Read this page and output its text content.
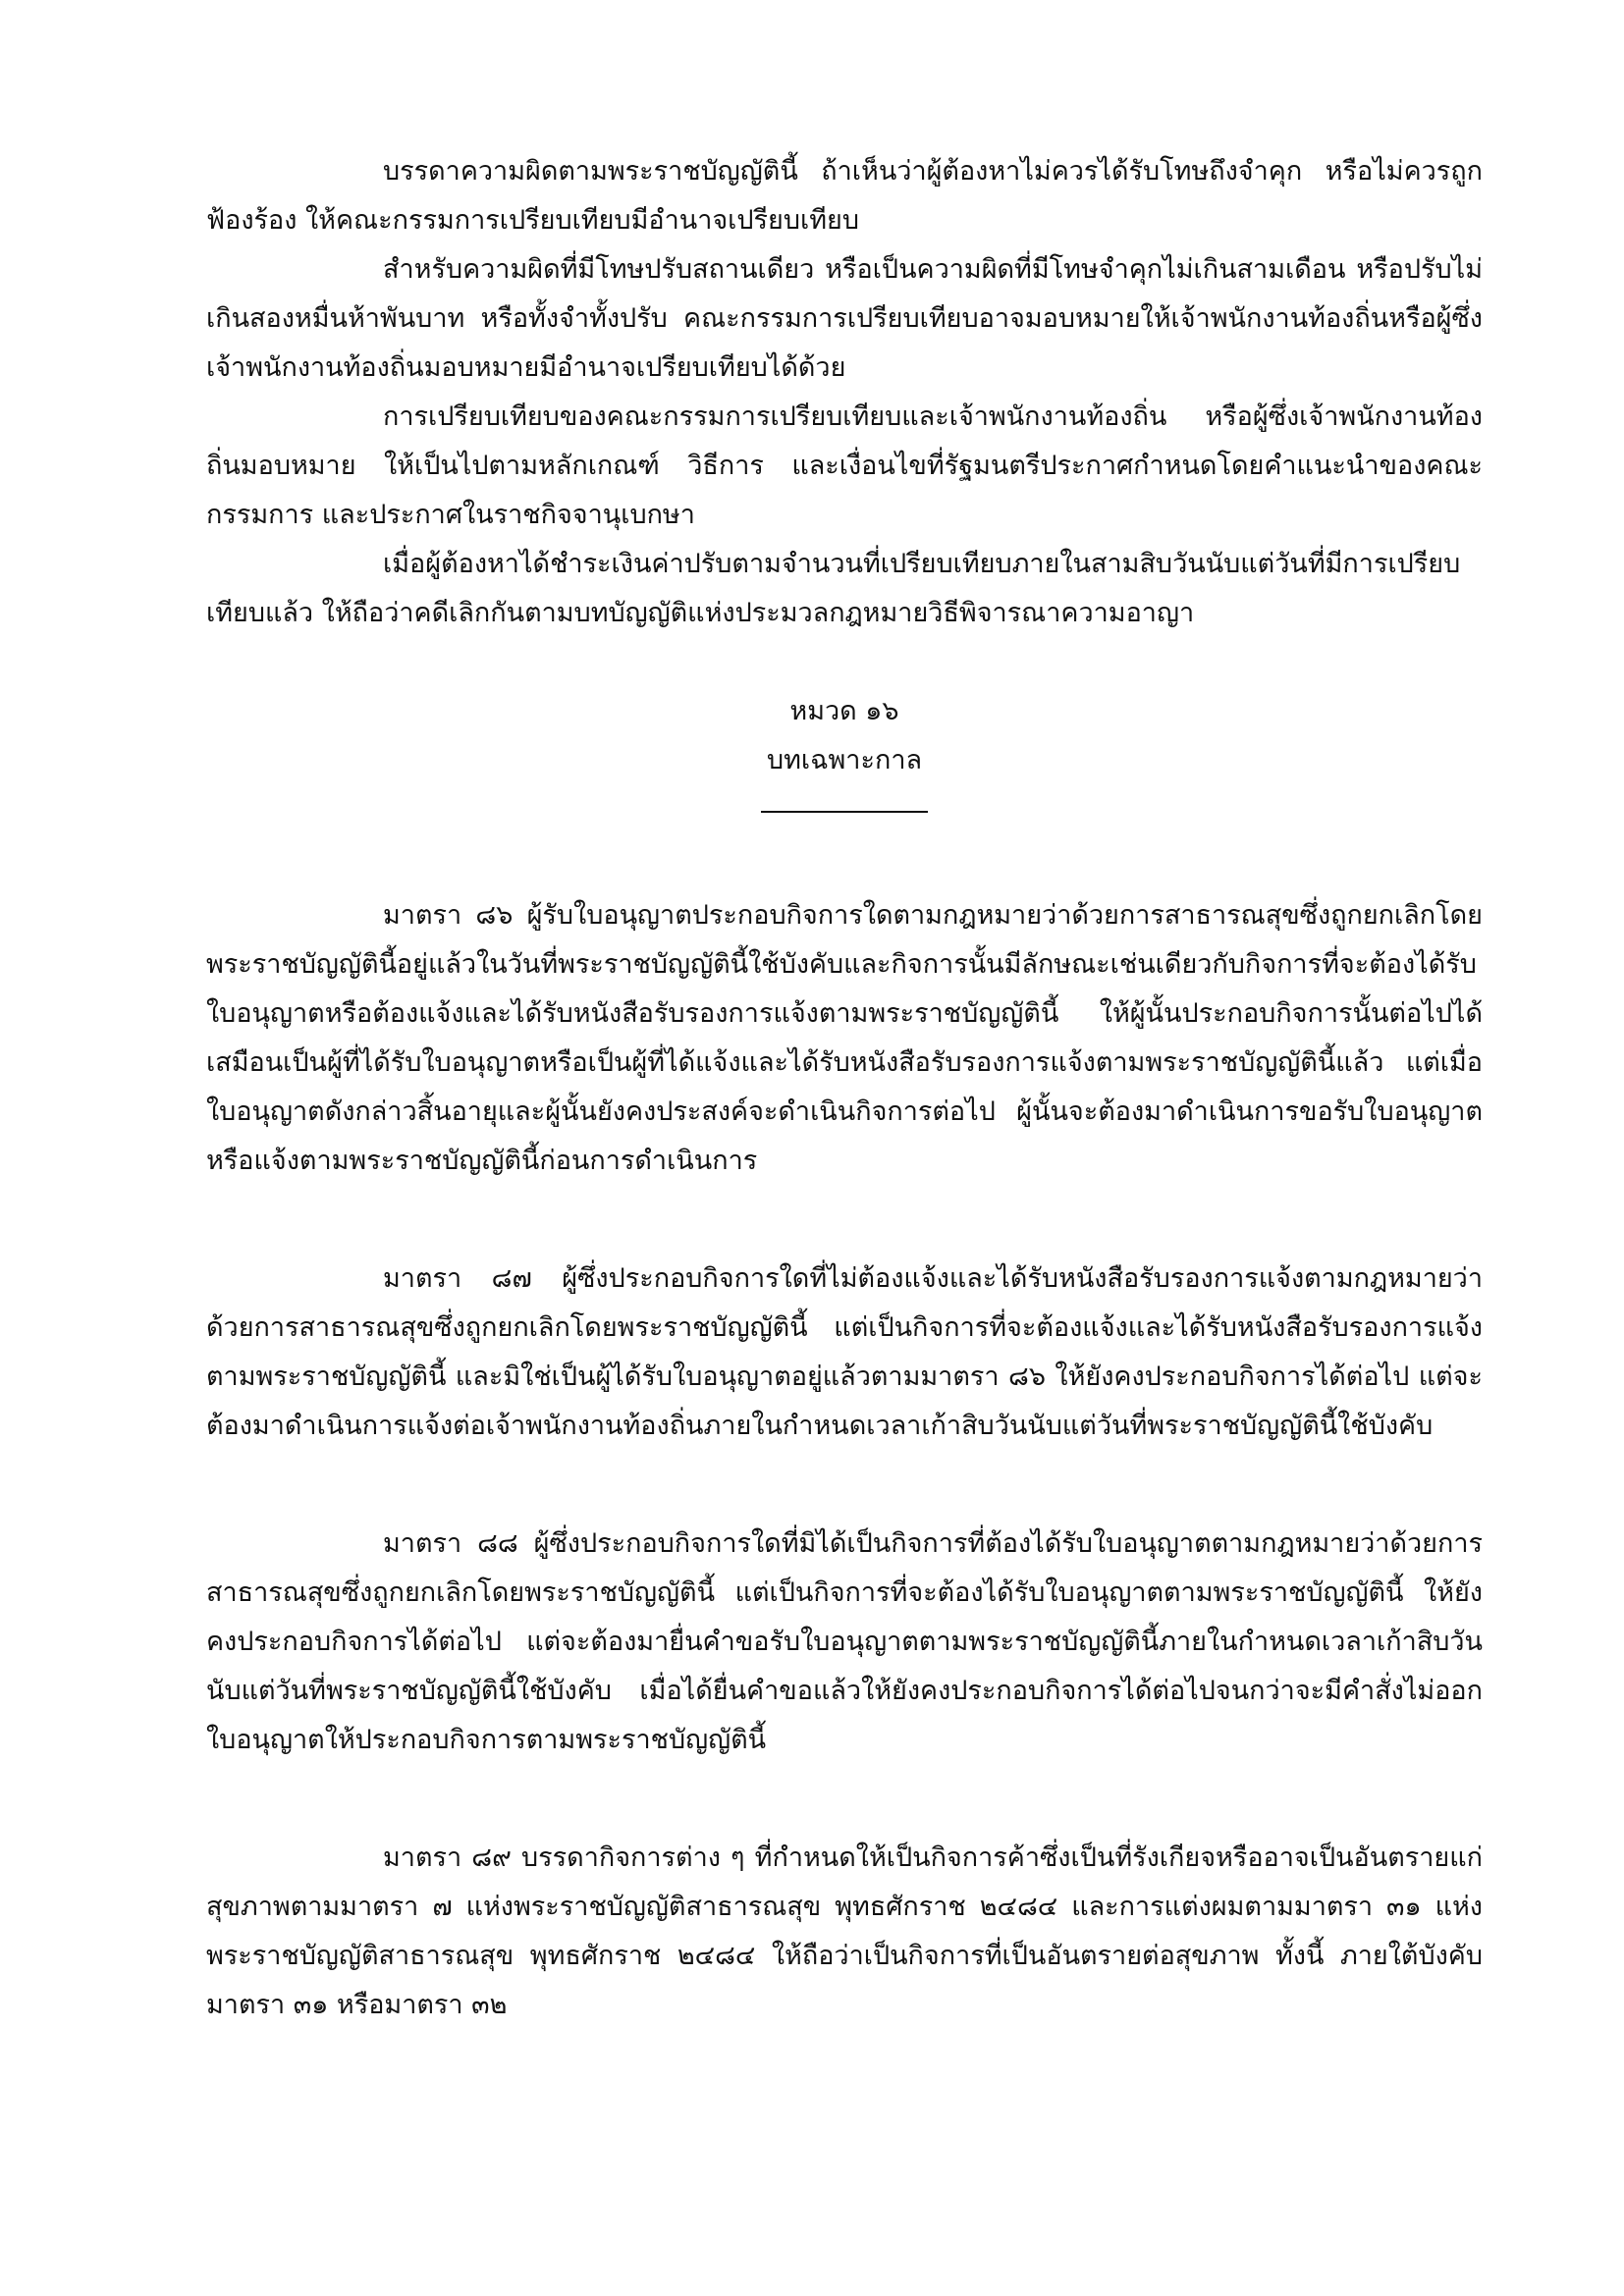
บรรดาความผิดตามพระราชบัญญัตินี้ ถ้าเห็นว่าผู้ต้องหาไม่ควรได้รับโทษถึงจำคุก หรือไม่ควรถูกฟ้องร้อง ให้คณะกรรมการเปรียบเทียบมีอำนาจเปรียบเทียบ

สำหรับความผิดที่มีโทษปรับสถานเดียว หรือเป็นความผิดที่มีโทษจำคุกไม่เกินสามเดือน หรือปรับไม่เกินสองหมื่นห้าพันบาท หรือทั้งจำทั้งปรับ คณะกรรมการเปรียบเทียบอาจมอบหมายให้เจ้าพนักงานท้องถิ่นหรือผู้ซึ่งเจ้าพนักงานท้องถิ่นมอบหมายมีอำนาจเปรียบเทียบได้ด้วย

การเปรียบเทียบของคณะกรรมการเปรียบเทียบและเจ้าพนักงานท้องถิ่น หรือผู้ซึ่งเจ้าพนักงานท้องถิ่นมอบหมาย ให้เป็นไปตามหลักเกณฑ์ วิธีการ และเงื่อนไขที่รัฐมนตรีประกาศกำหนดโดยคำแนะนำของคณะกรรมการ และประกาศในราชกิจจานุเบกษา

เมื่อผู้ต้องหาได้ชำระเงินค่าปรับตามจำนวนที่เปรียบเทียบภายในสามสิบวันนับแต่วันที่มีการเปรียบเทียบแล้ว ให้ถือว่าคดีเลิกกันตามบทบัญญัติแห่งประมวลกฎหมายวิธีพิจารณาความอาญา

หมวด ๑๖
บทเฉพาะกาล

มาตรา ๘๖ ผู้รับใบอนุญาตประกอบกิจการใดตามกฎหมายว่าด้วยการสาธารณสุขซึ่งถูกยกเลิกโดยพระราชบัญญัตินี้อยู่แล้วในวันที่พระราชบัญญัตินี้ใช้บังคับและกิจการนั้นมีลักษณะเช่นเดียวกับกิจการที่จะต้องได้รับใบอนุญาตหรือต้องแจ้งและได้รับหนังสือรับรองการแจ้งตามพระราชบัญญัตินี้ ให้ผู้นั้นประกอบกิจการนั้นต่อไปได้เสมือนเป็นผู้ที่ได้รับใบอนุญาตหรือเป็นผู้ที่ได้แจ้งและได้รับหนังสือรับรองการแจ้งตามพระราชบัญญัตินี้แล้ว แต่เมื่อใบอนุญาตดังกล่าวสิ้นอายุและผู้นั้นยังคงประสงค์จะดำเนินกิจการต่อไป ผู้นั้นจะต้องมาดำเนินการขอรับใบอนุญาตหรือแจ้งตามพระราชบัญญัตินี้ก่อนการดำเนินการ

มาตรา ๘๗ ผู้ซึ่งประกอบกิจการใดที่ไม่ต้องแจ้งและได้รับหนังสือรับรองการแจ้งตามกฎหมายว่าด้วยการสาธารณสุขซึ่งถูกยกเลิกโดยพระราชบัญญัตินี้ แต่เป็นกิจการที่จะต้องแจ้งและได้รับหนังสือรับรองการแจ้งตามพระราชบัญญัตินี้ และมิใช่เป็นผู้ได้รับใบอนุญาตอยู่แล้วตามมาตรา ๘๖ ให้ยังคงประกอบกิจการได้ต่อไป แต่จะต้องมาดำเนินการแจ้งต่อเจ้าพนักงานท้องถิ่นภายในกำหนดเวลาเก้าสิบวันนับแต่วันที่พระราชบัญญัตินี้ใช้บังคับ

มาตรา ๘๘ ผู้ซึ่งประกอบกิจการใดที่มิได้เป็นกิจการที่ต้องได้รับใบอนุญาตตามกฎหมายว่าด้วยการสาธารณสุขซึ่งถูกยกเลิกโดยพระราชบัญญัตินี้ แต่เป็นกิจการที่จะต้องได้รับใบอนุญาตตามพระราชบัญญัตินี้ ให้ยังคงประกอบกิจการได้ต่อไป แต่จะต้องมายื่นคำขอรับใบอนุญาตตามพระราชบัญญัตินี้ภายในกำหนดเวลาเก้าสิบวันนับแต่วันที่พระราชบัญญัตินี้ใช้บังคับ เมื่อได้ยื่นคำขอแล้วให้ยังคงประกอบกิจการได้ต่อไปจนกว่าจะมีคำสั่งไม่ออกใบอนุญาตให้ประกอบกิจการตามพระราชบัญญัตินี้

มาตรา ๘๙ บรรดากิจการต่าง ๆ ที่กำหนดให้เป็นกิจการค้าซึ่งเป็นที่รังเกียจหรืออาจเป็นอันตรายแก่สุขภาพตามมาตรา ๗ แห่งพระราชบัญญัติสาธารณสุข พุทธศักราช ๒๔๘๔ และการแต่งผมตามมาตรา ๓๑ แห่งพระราชบัญญัติสาธารณสุข พุทธศักราช ๒๔๘๔ ให้ถือว่าเป็นกิจการที่เป็นอันตรายต่อสุขภาพ ทั้งนี้ ภายใต้บังคับมาตรา ๓๑ หรือมาตรา ๓๒
